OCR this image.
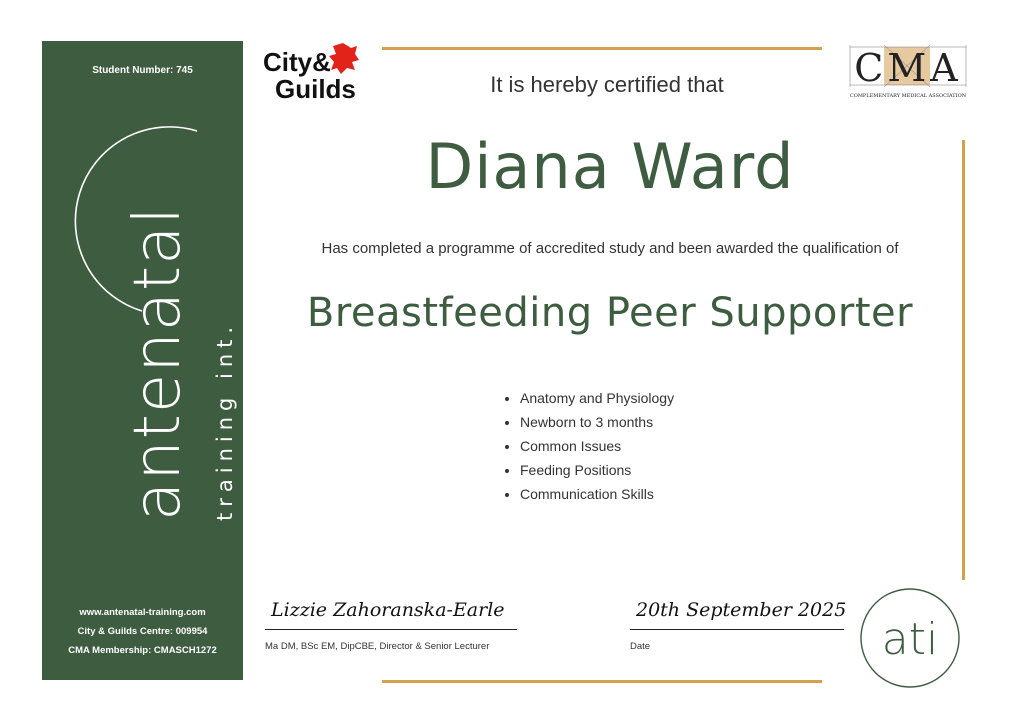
Student Number: 745
antenatal training int.
www.antenatal-training.com
City & Guilds Centre: 009954
CMA Membership: CMASCH1272
City&
Guilds	CMA
COMPLEMENTARY MEDICAL ASSOCIATION
It is hereby certified that
Diana Ward
Has completed a programme of accredited study and been awarded the qualification of
Breastfeeding Peer Supporter
• Anatomy and Physiology
• Newborn to 3 months
• Common Issues
• Feeding Positions
• Communication Skills
Lizzie Zahoranska-Earle
Ma DM, BSc EM, DipCBE, Director & Senior Lecturer
20th September 2025
Date	ati
